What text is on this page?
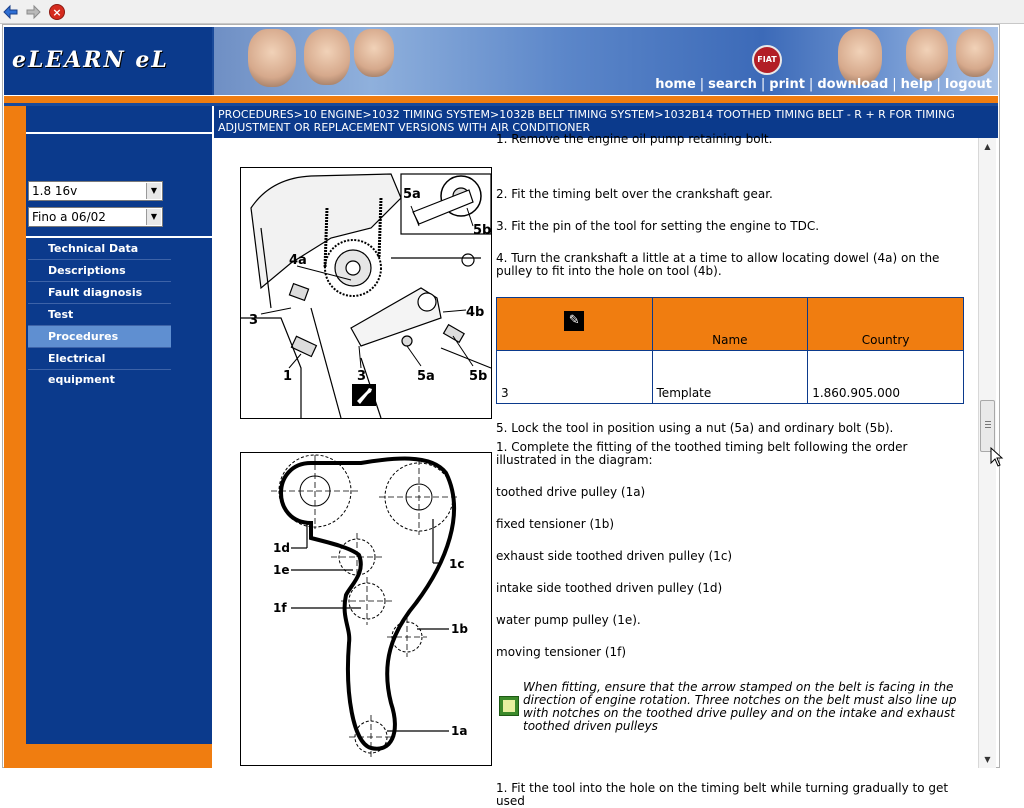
×
eLEARN eL	FIAT
home | search | print | download | help | logout
1.8 16v	▼
Fino a 06/02	▼
Technical Data
Descriptions
Fault diagnosis
Test
Procedures
Electrical equipment
PROCEDURES>10 ENGINE>1032 TIMING SYSTEM>1032B BELT TIMING SYSTEM>1032B14 TOOTHED TIMING BELT - R + R FOR TIMING ADJUSTMENT OR REPLACEMENT VERSIONS WITH AIR CONDITIONER
5a
5b
4a
4b
3
1	3	5a	5b
1d
1e
1f
1c
1b
1a
1. Remove the engine oil pump retaining bolt.
2. Fit the timing belt over the crankshaft gear.
3. Fit the pin of the tool for setting the engine to TDC.
4. Turn the crankshaft a little at a time to allow locating dowel (4a) on the pulley to fit into the hole on tool (4b).
✎	Name	Country
3	Template	1.860.905.000
5. Lock the tool in position using a nut (5a) and ordinary bolt (5b).
1. Complete the fitting of the toothed timing belt following the order illustrated in the diagram:
toothed drive pulley (1a)
fixed tensioner (1b)
exhaust side toothed driven pulley (1c)
intake side toothed driven pulley (1d)
water pump pulley (1e).
moving tensioner (1f)
When fitting, ensure that the arrow stamped on the belt is facing in the direction of engine rotation. Three notches on the belt must also line up with notches on the toothed drive pulley and on the intake and exhaust toothed driven pulleys
1. Fit the tool into the hole on the timing belt while turning gradually to get used
▲
▼
